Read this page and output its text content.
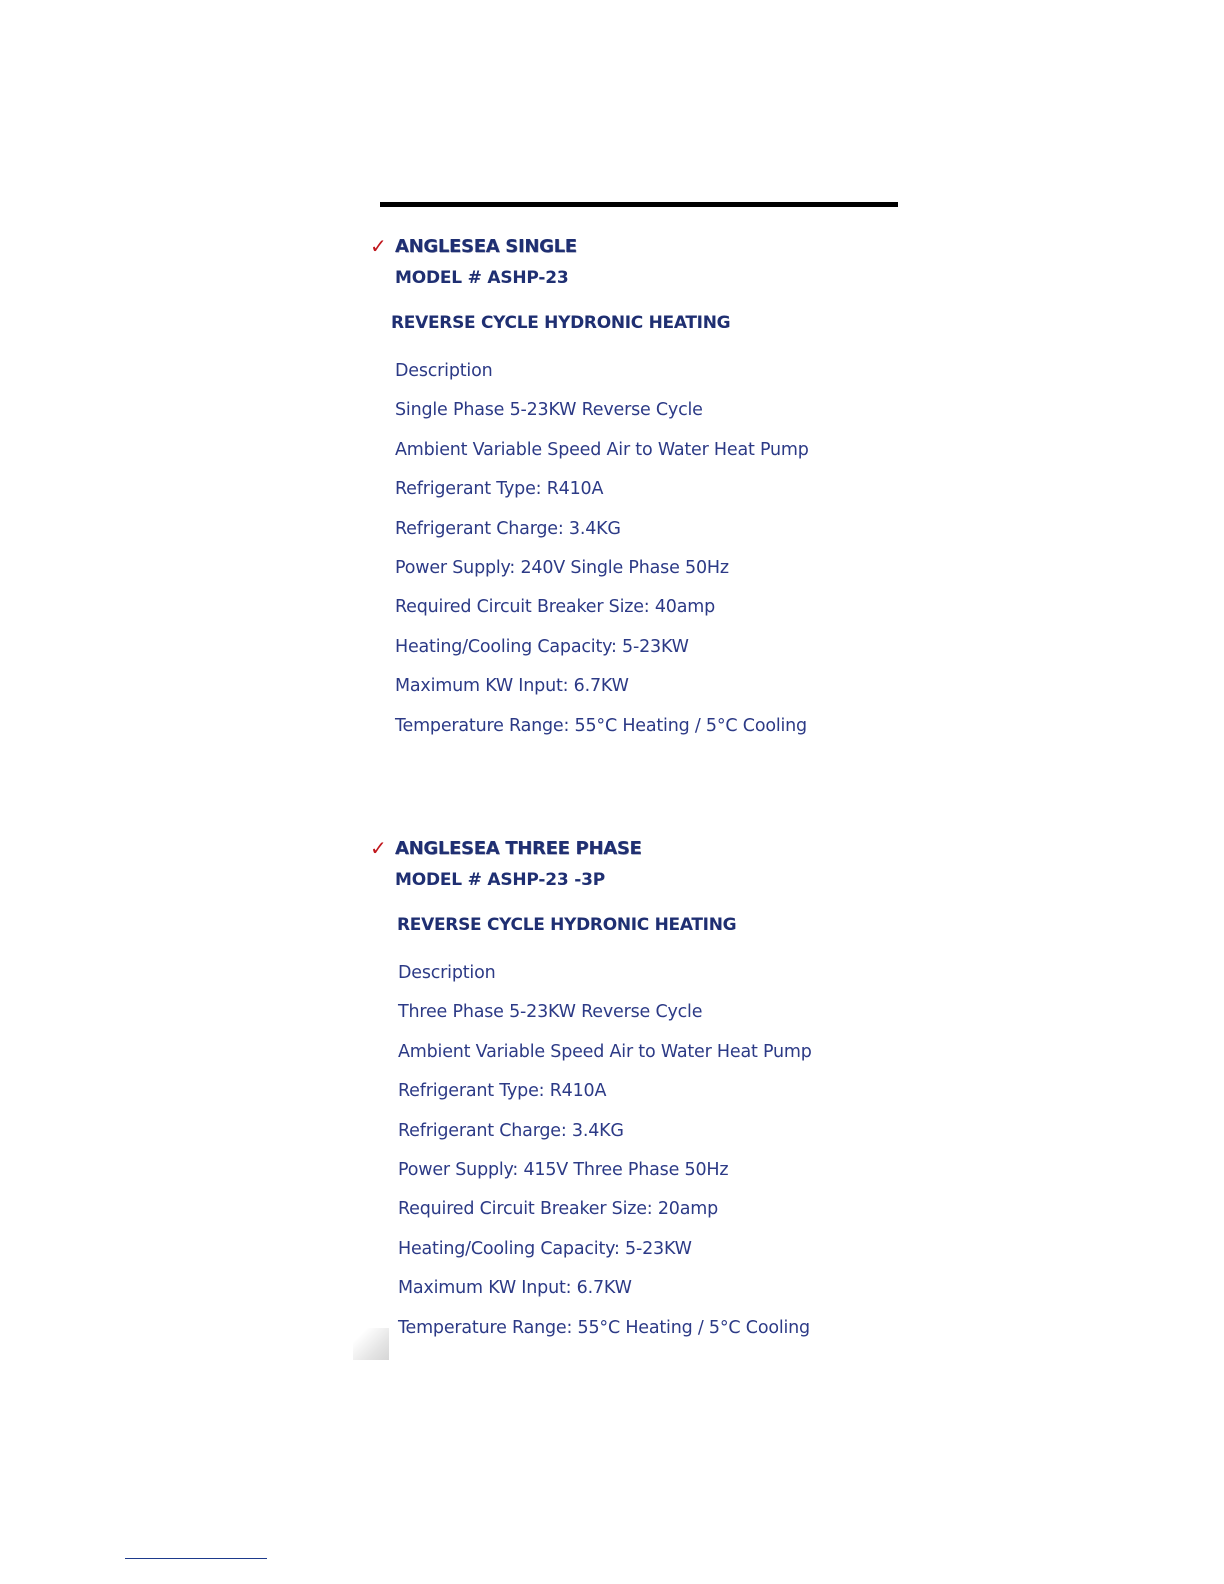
✓ ANGLESEA SINGLE
MODEL # ASHP-23
REVERSE CYCLE HYDRONIC HEATING
Description
Single Phase 5-23KW Reverse Cycle
Ambient Variable Speed Air to Water Heat Pump
Refrigerant Type: R410A
Refrigerant Charge: 3.4KG
Power Supply: 240V Single Phase 50Hz
Required Circuit Breaker Size: 40amp
Heating/Cooling Capacity: 5-23KW
Maximum KW Input: 6.7KW
Temperature Range: 55°C Heating / 5°C Cooling
✓ ANGLESEA THREE PHASE
MODEL # ASHP-23 -3P
REVERSE CYCLE HYDRONIC HEATING
Description
Three Phase 5-23KW Reverse Cycle
Ambient Variable Speed Air to Water Heat Pump
Refrigerant Type: R410A
Refrigerant Charge: 3.4KG
Power Supply: 415V Three Phase 50Hz
Required Circuit Breaker Size: 20amp
Heating/Cooling Capacity: 5-23KW
Maximum KW Input: 6.7KW
Temperature Range: 55°C Heating / 5°C Cooling
